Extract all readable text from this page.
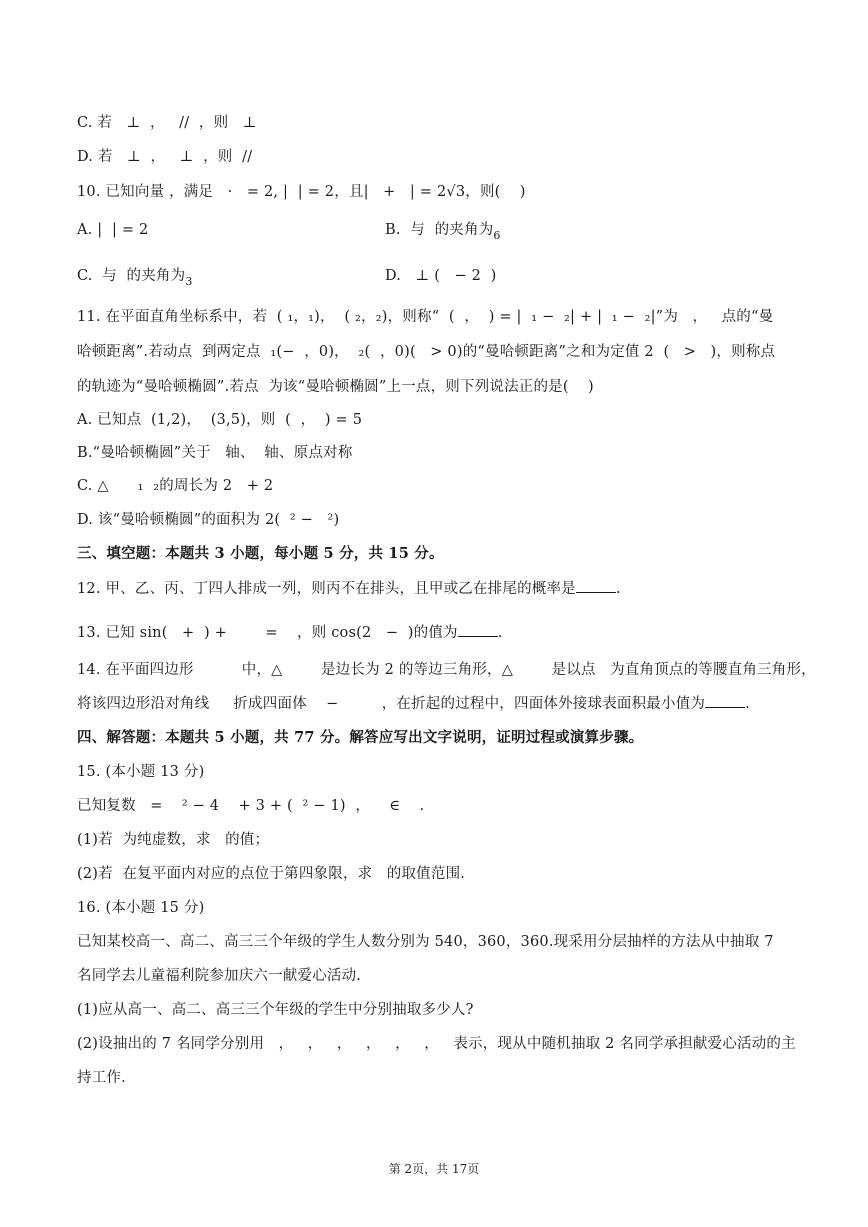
C. 若   ⊥  ，   //  ，则   ⊥
D. 若   ⊥  ，   ⊥  ，则  //
10. 已知向量 ，满足   ·   = 2, |  | = 2，且|   +   | = 2√3，则(    )
A. |  | = 2	B.  与  的夹角为$_6$
C.  与  的夹角为$_3$	D.   ⊥ (   − 2  )
11. 在平面直角坐标系中，若  ( ₁，₁)，  ( ₂，₂)，则称“  (  ，  ) = |  ₁ −  ₂| + |  ₁ −  ₂|”为   ，   点的“曼
哈顿距离”.若动点  到两定点  ₁(−  ，0)，  ₂(  ，0)(   > 0)的“曼哈顿距离”之和为定值 2  (   >   )，则称点
的轨迹为“曼哈顿椭圆”.若点  为该“曼哈顿椭圆”上一点，则下列说法正的是(    )
A. 已知点  (1,2)，  (3,5)，则  (  ，  ) = 5
B.“曼哈顿椭圆”关于   轴、  轴、原点对称
C. △      ₁  ₂的周长为 2   + 2
D. 该“曼哈顿椭圆”的面积为 2(  ² −   ²)
三、填空题：本题共 3 小题，每小题 5 分，共 15 分。
12. 甲、乙、丙、丁四人排成一列，则丙不在排头，且甲或乙在排尾的概率是	.
13. 已知 sin(   +  ) +        =    ，则 cos(2   −  )的值为	.
14. 在平面四边形          中，△        是边长为 2 的等边三角形，△        是以点   为直角顶点的等腰直角三角形，
将该四边形沿对角线     折成四面体    −         ，在折起的过程中，四面体外接球表面积最小值为	.
四、解答题：本题共 5 小题，共 77 分。解答应写出文字说明，证明过程或演算步骤。
15. (本小题 13 分)
已知复数   =    ² − 4    + 3 + (  ² − 1)  ，    ∈    .
(1)若  为纯虚数，求   的值；
(2)若  在复平面内对应的点位于第四象限，求   的取值范围.
16. (本小题 15 分)
已知某校高一、高二、高三三个年级的学生人数分别为 540，360，360.现采用分层抽样的方法从中抽取 7
名同学去儿童福利院参加庆六一献爱心活动.
(1)应从高一、高二、高三三个年级的学生中分别抽取多少人?
(2)设抽出的 7 名同学分别用   ，   ，   ，   ，   ，   ，   表示，现从中随机抽取 2 名同学承担献爱心活动的主
持工作.
第 2页，共 17页
